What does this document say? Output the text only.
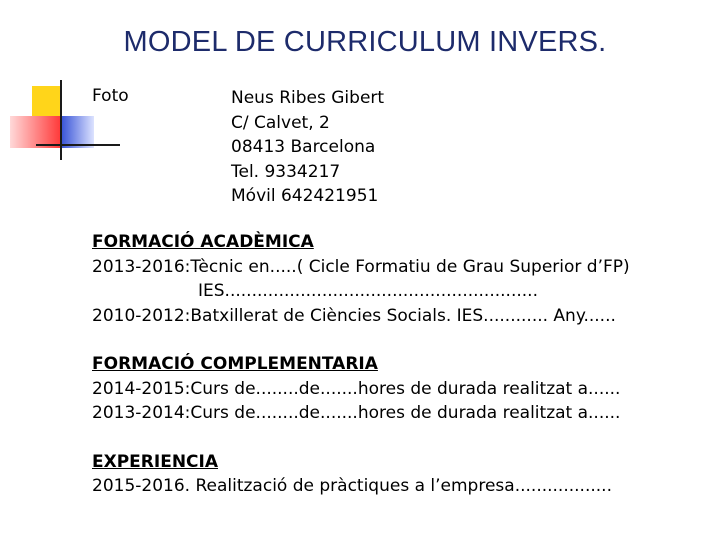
MODEL DE CURRICULUM INVERS.
Foto	Neus Ribes Gibert
C/ Calvet, 2
08413 Barcelona
Tel. 9334217
Móvil 642421951
FORMACIÓ ACADÈMICA
2013-2016:Tècnic en.....( Cicle Formatiu de Grau Superior d’FP)
IES..........................................................
2010-2012:Batxillerat de Ciències Socials. IES............ Any......
FORMACIÓ COMPLEMENTARIA
2014-2015:Curs de........de.......hores de durada realitzat a......
2013-2014:Curs de........de.......hores de durada realitzat a......
EXPERIENCIA
2015-2016. Realització de pràctiques a l’empresa..................
